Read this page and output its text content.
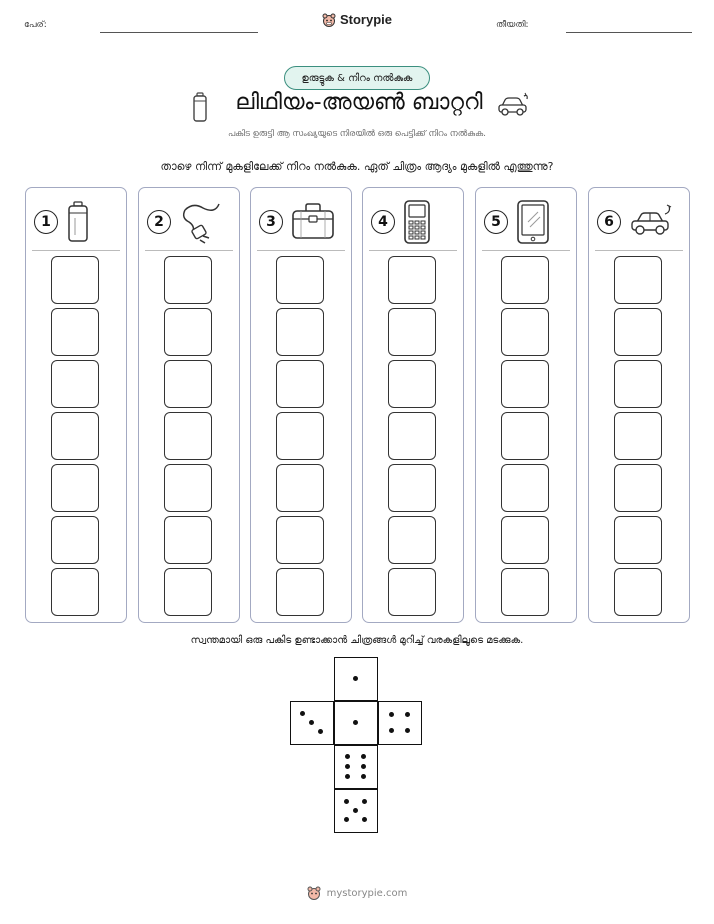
പേര്:	Storypie	തീയതി:
ഉരുട്ടുക & നിറം നൽകുക
ലിഥിയം-അയൺ ബാറ്ററി
പകിട ഉരുട്ടി ആ സംഖ്യയുടെ നിരയിൽ ഒരു പെട്ടിക്ക് നിറം നൽകുക.
താഴെ നിന്ന് മുകളിലേക്ക് നിറം നൽകുക. ഏത് ചിത്രം ആദ്യം മുകളിൽ എത്തുന്നു?
1	2	3	4	5	6
സ്വന്തമായി ഒരു പകിട ഉണ്ടാക്കാൻ ചിത്രങ്ങൾ മുറിച്ച് വരകളിലൂടെ മടക്കുക.
mystorypie.com
